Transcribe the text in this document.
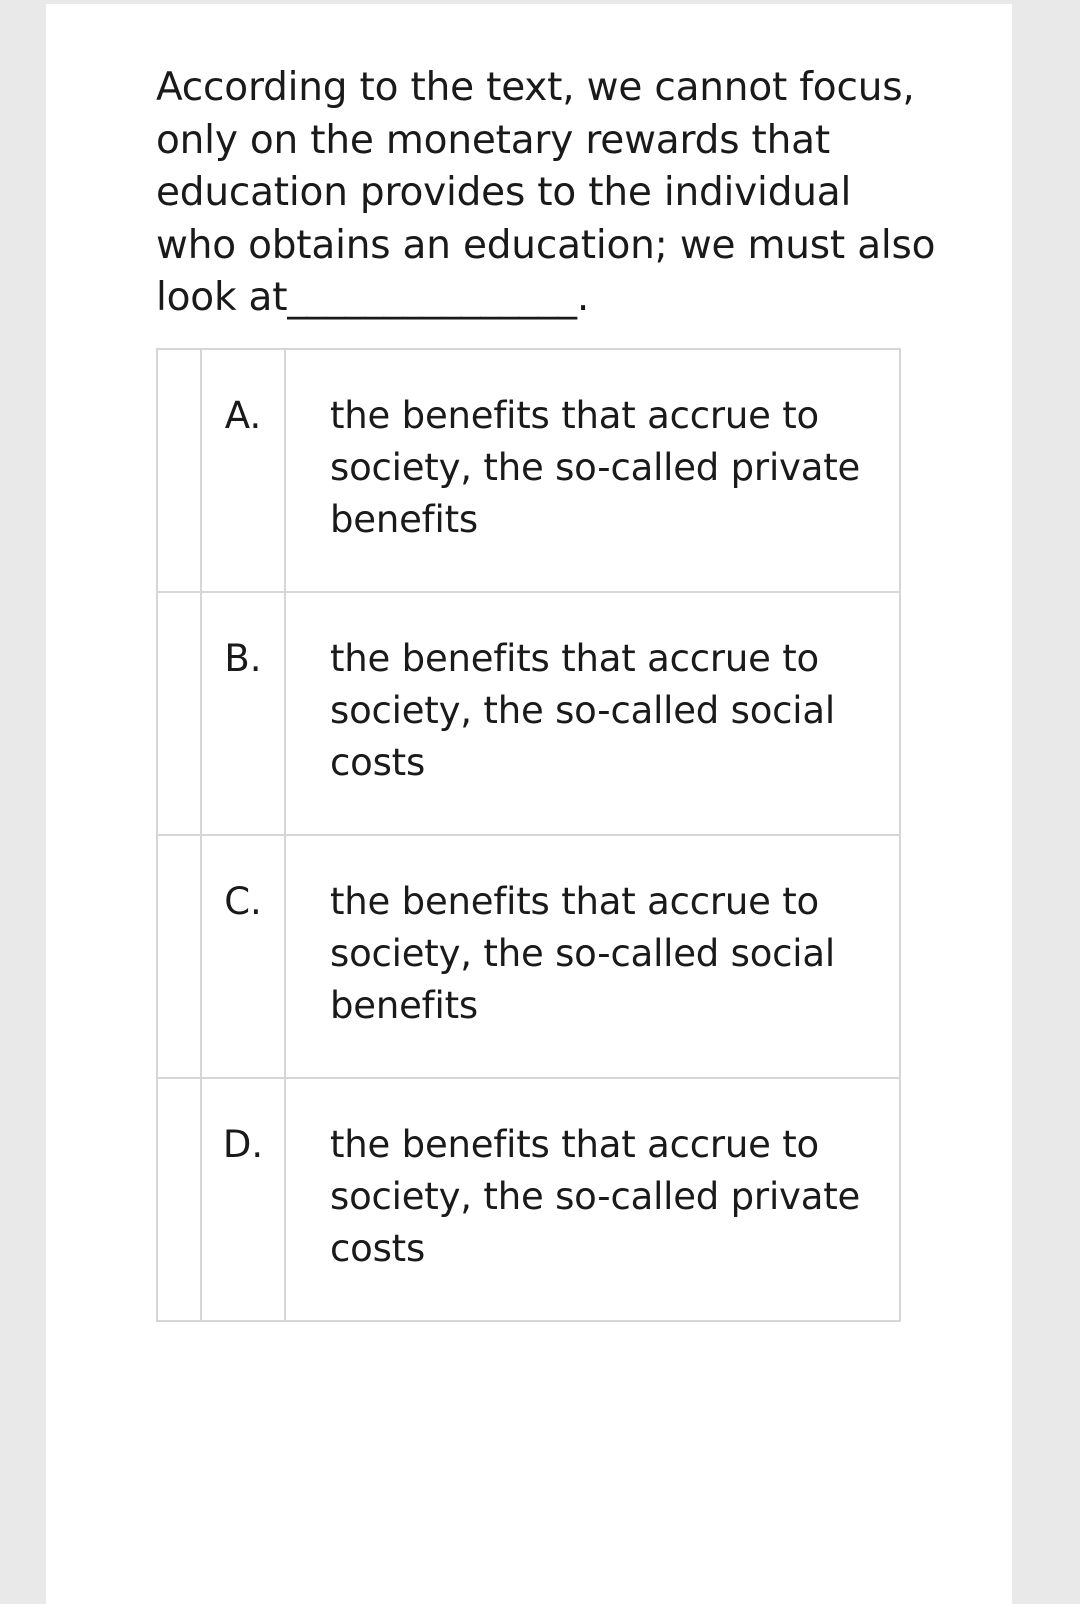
According to the text, we cannot focus, only on the monetary rewards that education provides to the individual who obtains an education; we must also look at_______________.

	A.	the benefits that accrue to society, the so-called private benefits

	B.	the benefits that accrue to society, the so-called social costs

	C.	the benefits that accrue to society, the so-called social benefits

	D.	the benefits that accrue to society, the so-called private costs
